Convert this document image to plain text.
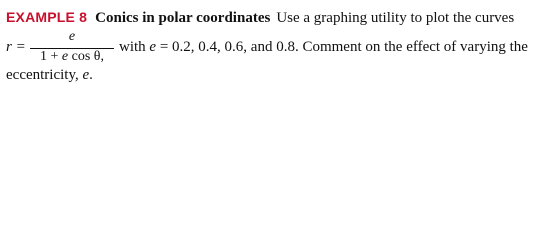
EXAMPLE 8 Conics in polar coordinates Use a graphing utility to plot the curves
r =
e
1 + e cos θ,
with e = 0.2, 0.4, 0.6, and 0.8. Comment on the effect of varying the
eccentricity, e.
